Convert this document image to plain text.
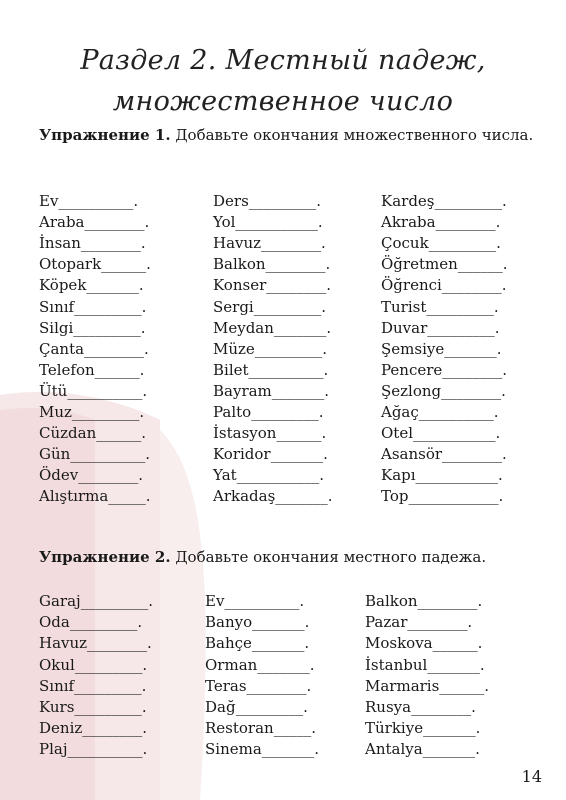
Раздел 2. Местный падеж,
множественное число
Упражнение 1. Добавьте окончания множественного числа.
Упражнение 2. Добавьте окончания местного падежа.
Ev__________.
Araba________.
İnsan________.
Otopark______.
Köpek_______.
Sınıf_________.
Silgi_________.
Çanta________.
Telefon______.
Ütü__________.
Muz_________.
Cüzdan______.
Gün__________.
Ödev________.
Alıştırma_____.
Ders_________.
Yol___________.
Havuz________.
Balkon________.
Konser________.
Sergi_________.
Meydan_______.
Müze_________.
Bilet__________.
Bayram_______.
Palto_________.
İstasyon______.
Koridor_______.
Yat___________.
Arkadaş_______.
Kardeş_________.
Akraba________.
Çocuk_________.
Öğretmen______.
Öğrenci________.
Turist_________.
Duvar_________.
Şemsiye_______.
Pencere________.
Şezlong________.
Ağaç__________.
Otel___________.
Asansör________.
Kapı___________.
Top____________.
Garaj_________.
Oda_________.
Havuz________.
Okul_________.
Sınıf_________.
Kurs_________.
Deniz________.
Plaj__________.
Ev__________.
Banyo_______.
Bahçe_______.
Orman_______.
Teras________.
Dağ_________.
Restoran_____.
Sinema_______.
Balkon________.
Pazar________.
Moskova______.
İstanbul_______.
Marmaris______.
Rusya________.
Türkiye_______.
Antalya_______.
14
